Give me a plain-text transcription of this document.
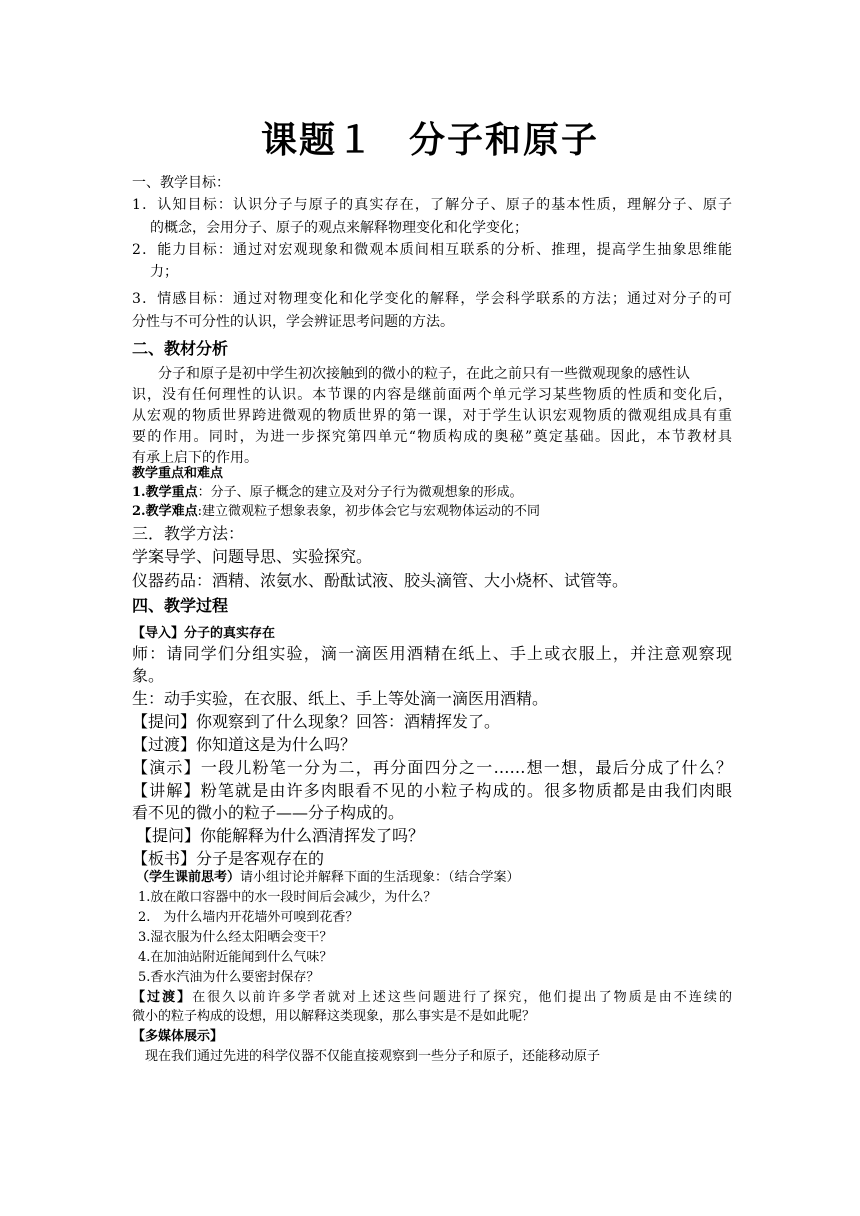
课题１ 分子和原子
一、教学目标：
1．认知目标：认识分子与原子的真实存在，了解分子、原子的基本性质，理解分子、原子
的概念，会用分子、原子的观点来解释物理变化和化学变化；
2．能力目标：通过对宏观现象和微观本质间相互联系的分析、推理，提高学生抽象思维能
力；
3．情感目标：通过对物理变化和化学变化的解释，学会科学联系的方法；通过对分子的可
分性与不可分性的认识，学会辨证思考问题的方法。
二、教材分析
分子和原子是初中学生初次接触到的微小的粒子，在此之前只有一些微观现象的感性认
识，没有任何理性的认识。本节课的内容是继前面两个单元学习某些物质的性质和变化后，
从宏观的物质世界跨进微观的物质世界的第一课，对于学生认识宏观物质的微观组成具有重
要的作用。同时，为进一步探究第四单元“物质构成的奥秘”奠定基础。因此，本节教材具
有承上启下的作用。
教学重点和难点
1.教学重点：分子、原子概念的建立及对分子行为微观想象的形成。
2.教学难点:建立微观粒子想象表象，初步体会它与宏观物体运动的不同
三．教学方法：
学案导学、问题导思、实验探究。
仪器药品：酒精、浓氨水、酚酞试液、胶头滴管、大小烧杯、试管等。
四、教学过程
【导入】分子的真实存在
师：请同学们分组实验，滴一滴医用酒精在纸上、手上或衣服上，并注意观察现
象。
生：动手实验，在衣服、纸上、手上等处滴一滴医用酒精。
【提问】你观察到了什么现象？回答：酒精挥发了。
【过渡】你知道这是为什么吗？
【演示】一段儿粉笔一分为二，再分面四分之一……想一想，最后分成了什么？
【讲解】粉笔就是由许多肉眼看不见的小粒子构成的。很多物质都是由我们肉眼
看不见的微小的粒子——分子构成的。
【提问】你能解释为什么酒清挥发了吗？
【板书】分子是客观存在的
（学生课前思考）请小组讨论并解释下面的生活现象：（结合学案）
1.放在敞口容器中的水一段时间后会减少，为什么？
2.　为什么墙内开花墙外可嗅到花香？
3.湿衣服为什么经太阳晒会变干？
4.在加油站附近能闻到什么气味？
5.香水汽油为什么要密封保存？
【过渡】在很久以前许多学者就对上述这些问题进行了探究，他们提出了物质是由不连续的
微小的粒子构成的设想，用以解释这类现象，那么事实是不是如此呢？
【多媒体展示】
现在我们通过先进的科学仪器不仅能直接观察到一些分子和原子，还能移动原子
